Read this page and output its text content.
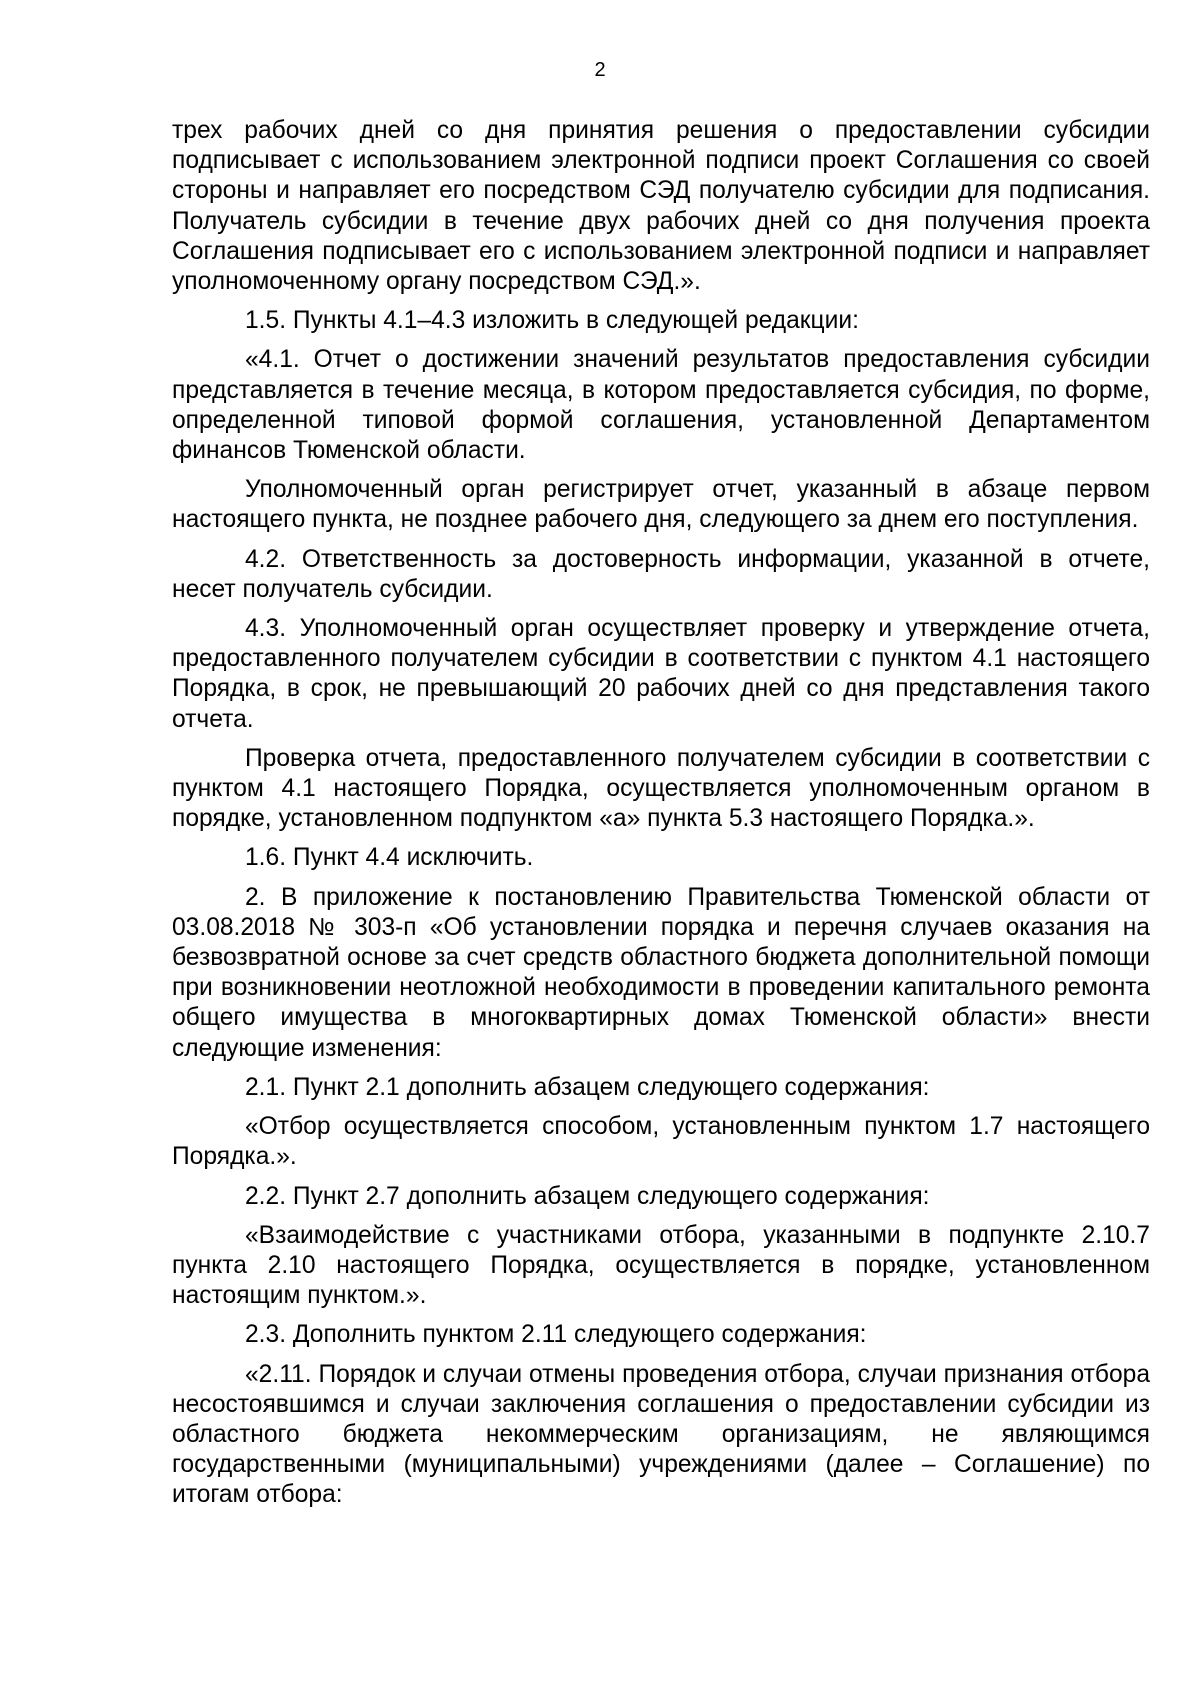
2

трех рабочих дней со дня принятия решения о предоставлении субсидии подписывает с использованием электронной подписи проект Соглашения со своей стороны и направляет его посредством СЭД получателю субсидии для подписания. Получатель субсидии в течение двух рабочих дней со дня получения проекта Соглашения подписывает его с использованием электронной подписи и направляет уполномоченному органу посредством СЭД.».

1.5. Пункты 4.1–4.3 изложить в следующей редакции:

«4.1. Отчет о достижении значений результатов предоставления субсидии представляется в течение месяца, в котором предоставляется субсидия, по форме, определенной типовой формой соглашения, установленной Департаментом финансов Тюменской области.

Уполномоченный орган регистрирует отчет, указанный в абзаце первом настоящего пункта, не позднее рабочего дня, следующего за днем его поступления.

4.2. Ответственность за достоверность информации, указанной в отчете, несет получатель субсидии.

4.3. Уполномоченный орган осуществляет проверку и утверждение отчета, предоставленного получателем субсидии в соответствии с пунктом 4.1 настоящего Порядка, в срок, не превышающий 20 рабочих дней со дня представления такого отчета.

Проверка отчета, предоставленного получателем субсидии в соответствии с пунктом 4.1 настоящего Порядка, осуществляется уполномоченным органом в порядке, установленном подпунктом «а» пункта 5.3 настоящего Порядка.».

1.6. Пункт 4.4 исключить.

2. В приложение к постановлению Правительства Тюменской области от 03.08.2018 № 303-п «Об установлении порядка и перечня случаев оказания на безвозвратной основе за счет средств областного бюджета дополнительной помощи при возникновении неотложной необходимости в проведении капитального ремонта общего имущества в многоквартирных домах Тюменской области» внести следующие изменения:

2.1. Пункт 2.1 дополнить абзацем следующего содержания:

«Отбор осуществляется способом, установленным пунктом 1.7 настоящего Порядка.».

2.2. Пункт 2.7 дополнить абзацем следующего содержания:

«Взаимодействие с участниками отбора, указанными в подпункте 2.10.7 пункта 2.10 настоящего Порядка, осуществляется в порядке, установленном настоящим пунктом.».

2.3. Дополнить пунктом 2.11 следующего содержания:

«2.11. Порядок и случаи отмены проведения отбора, случаи признания отбора несостоявшимся и случаи заключения соглашения о предоставлении субсидии из областного бюджета некоммерческим организациям, не являющимся государственными (муниципальными) учреждениями (далее – Соглашение) по итогам отбора:
